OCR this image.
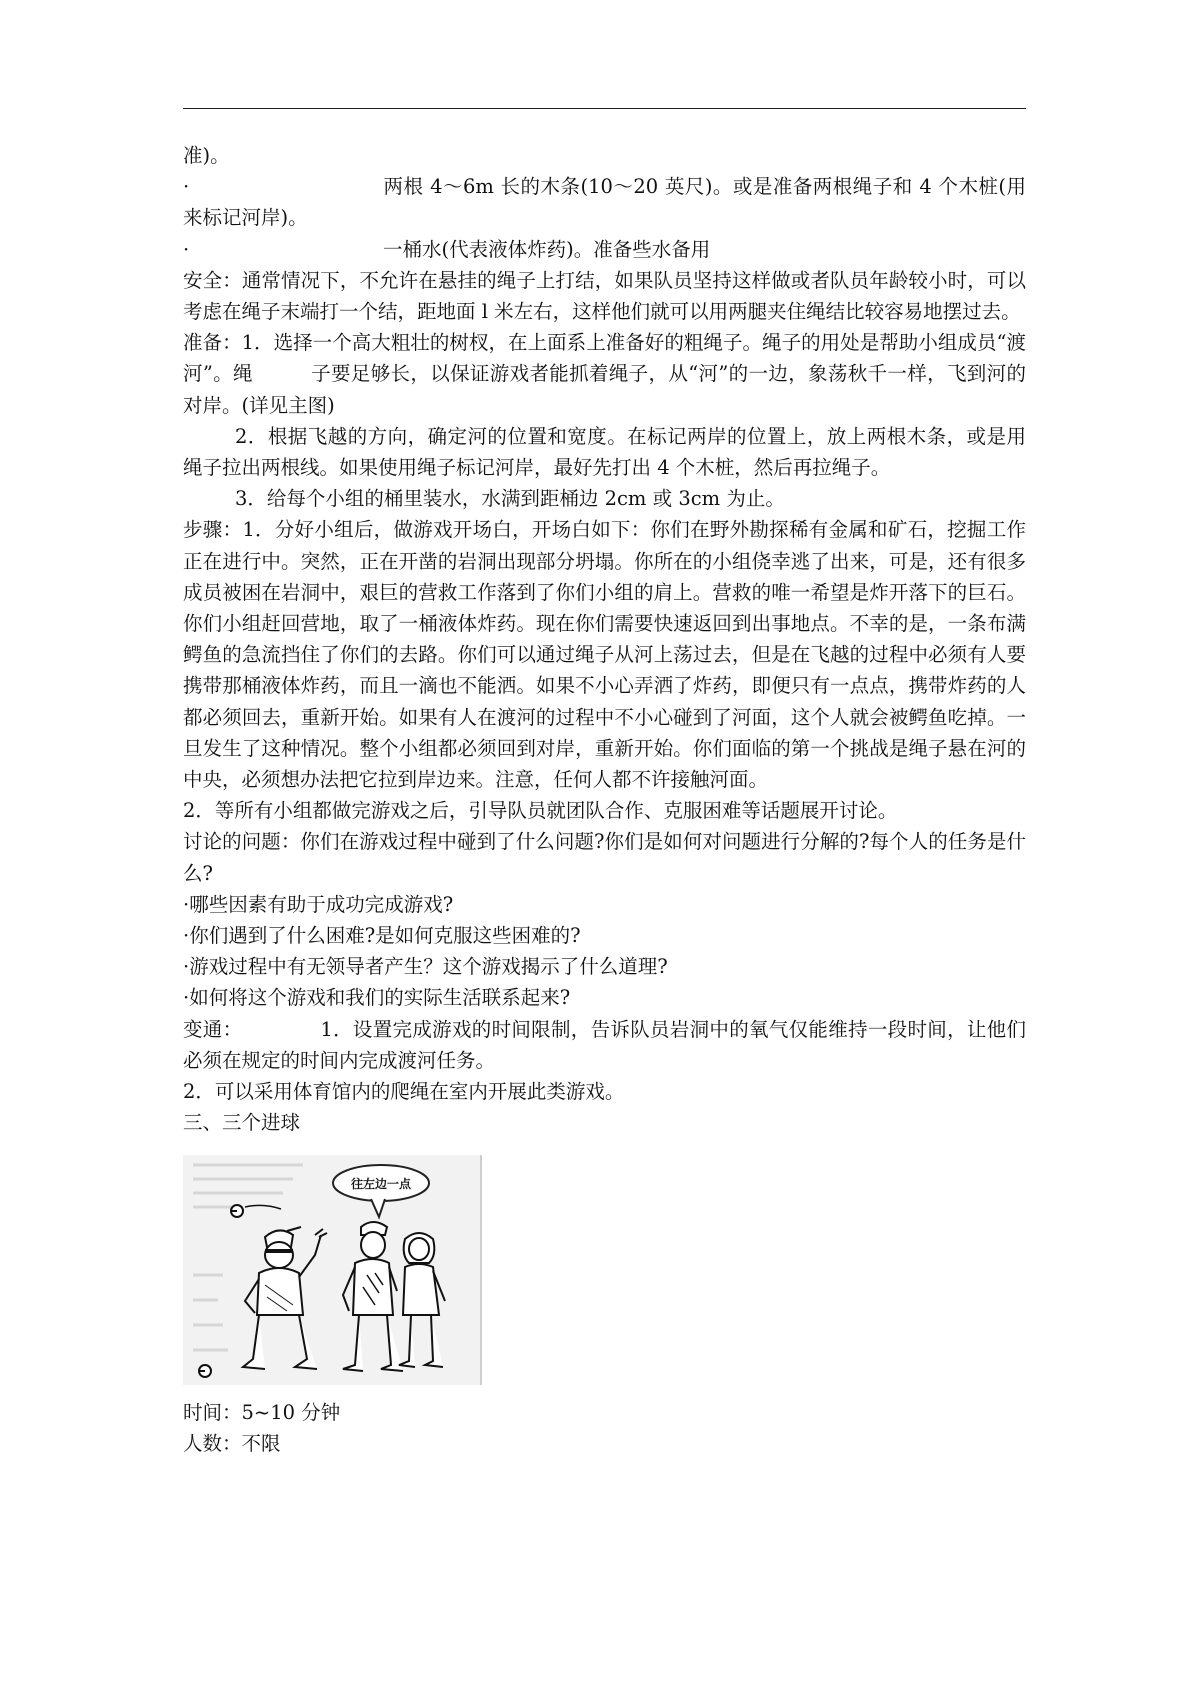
准)。

·	两根 4～6m 长的木条(10～20 英尺)。或是准备两根绳子和 4 个木桩(用来标记河岸)。

·	一桶水(代表液体炸药)。准备些水备用

安全：通常情况下，不允许在悬挂的绳子上打结，如果队员坚持这样做或者队员年龄较小时，可以考虑在绳子末端打一个结，距地面 l 米左右，这样他们就可以用两腿夹住绳结比较容易地摆过去。

准备：1．选择一个高大粗壮的树杈，在上面系上准备好的粗绳子。绳子的用处是帮助小组成员“渡河”。绳	子要足够长，以保证游戏者能抓着绳子，从“河”的一边，象荡秋千一样，飞到河的对岸。(详见主图)

2．根据飞越的方向，确定河的位置和宽度。在标记两岸的位置上，放上两根木条，或是用绳子拉出两根线。如果使用绳子标记河岸，最好先打出 4 个木桩，然后再拉绳子。

3．给每个小组的桶里装水，水满到距桶边 2cm 或 3cm 为止。

步骤：1．分好小组后，做游戏开场白，开场白如下：你们在野外勘探稀有金属和矿石，挖掘工作正在进行中。突然，正在开凿的岩洞出现部分坍塌。你所在的小组侥幸逃了出来，可是，还有很多成员被困在岩洞中，艰巨的营救工作落到了你们小组的肩上。营救的唯一希望是炸开落下的巨石。你们小组赶回营地，取了一桶液体炸药。现在你们需要快速返回到出事地点。不幸的是，一条布满鳄鱼的急流挡住了你们的去路。你们可以通过绳子从河上荡过去，但是在飞越的过程中必须有人要携带那桶液体炸药，而且一滴也不能洒。如果不小心弄洒了炸药，即便只有一点点，携带炸药的人都必须回去，重新开始。如果有人在渡河的过程中不小心碰到了河面，这个人就会被鳄鱼吃掉。一旦发生了这种情况。整个小组都必须回到对岸，重新开始。你们面临的第一个挑战是绳子悬在河的中央，必须想办法把它拉到岸边来。注意，任何人都不许接触河面。

2．等所有小组都做完游戏之后，引导队员就团队合作、克服困难等话题展开讨论。

讨论的问题：你们在游戏过程中碰到了什么问题?你们是如何对问题进行分解的?每个人的任务是什么?

·哪些因素有助于成功完成游戏?

·你们遇到了什么困难?是如何克服这些困难的?

·游戏过程中有无领导者产生？这个游戏揭示了什么道理?

·如何将这个游戏和我们的实际生活联系起来?

变通：	1．设置完成游戏的时间限制，告诉队员岩洞中的氧气仅能维持一段时间，让他们必须在规定的时间内完成渡河任务。

2．可以采用体育馆内的爬绳在室内开展此类游戏。

三、三个进球

往左边一点

时间：5~10 分钟

人数：不限
